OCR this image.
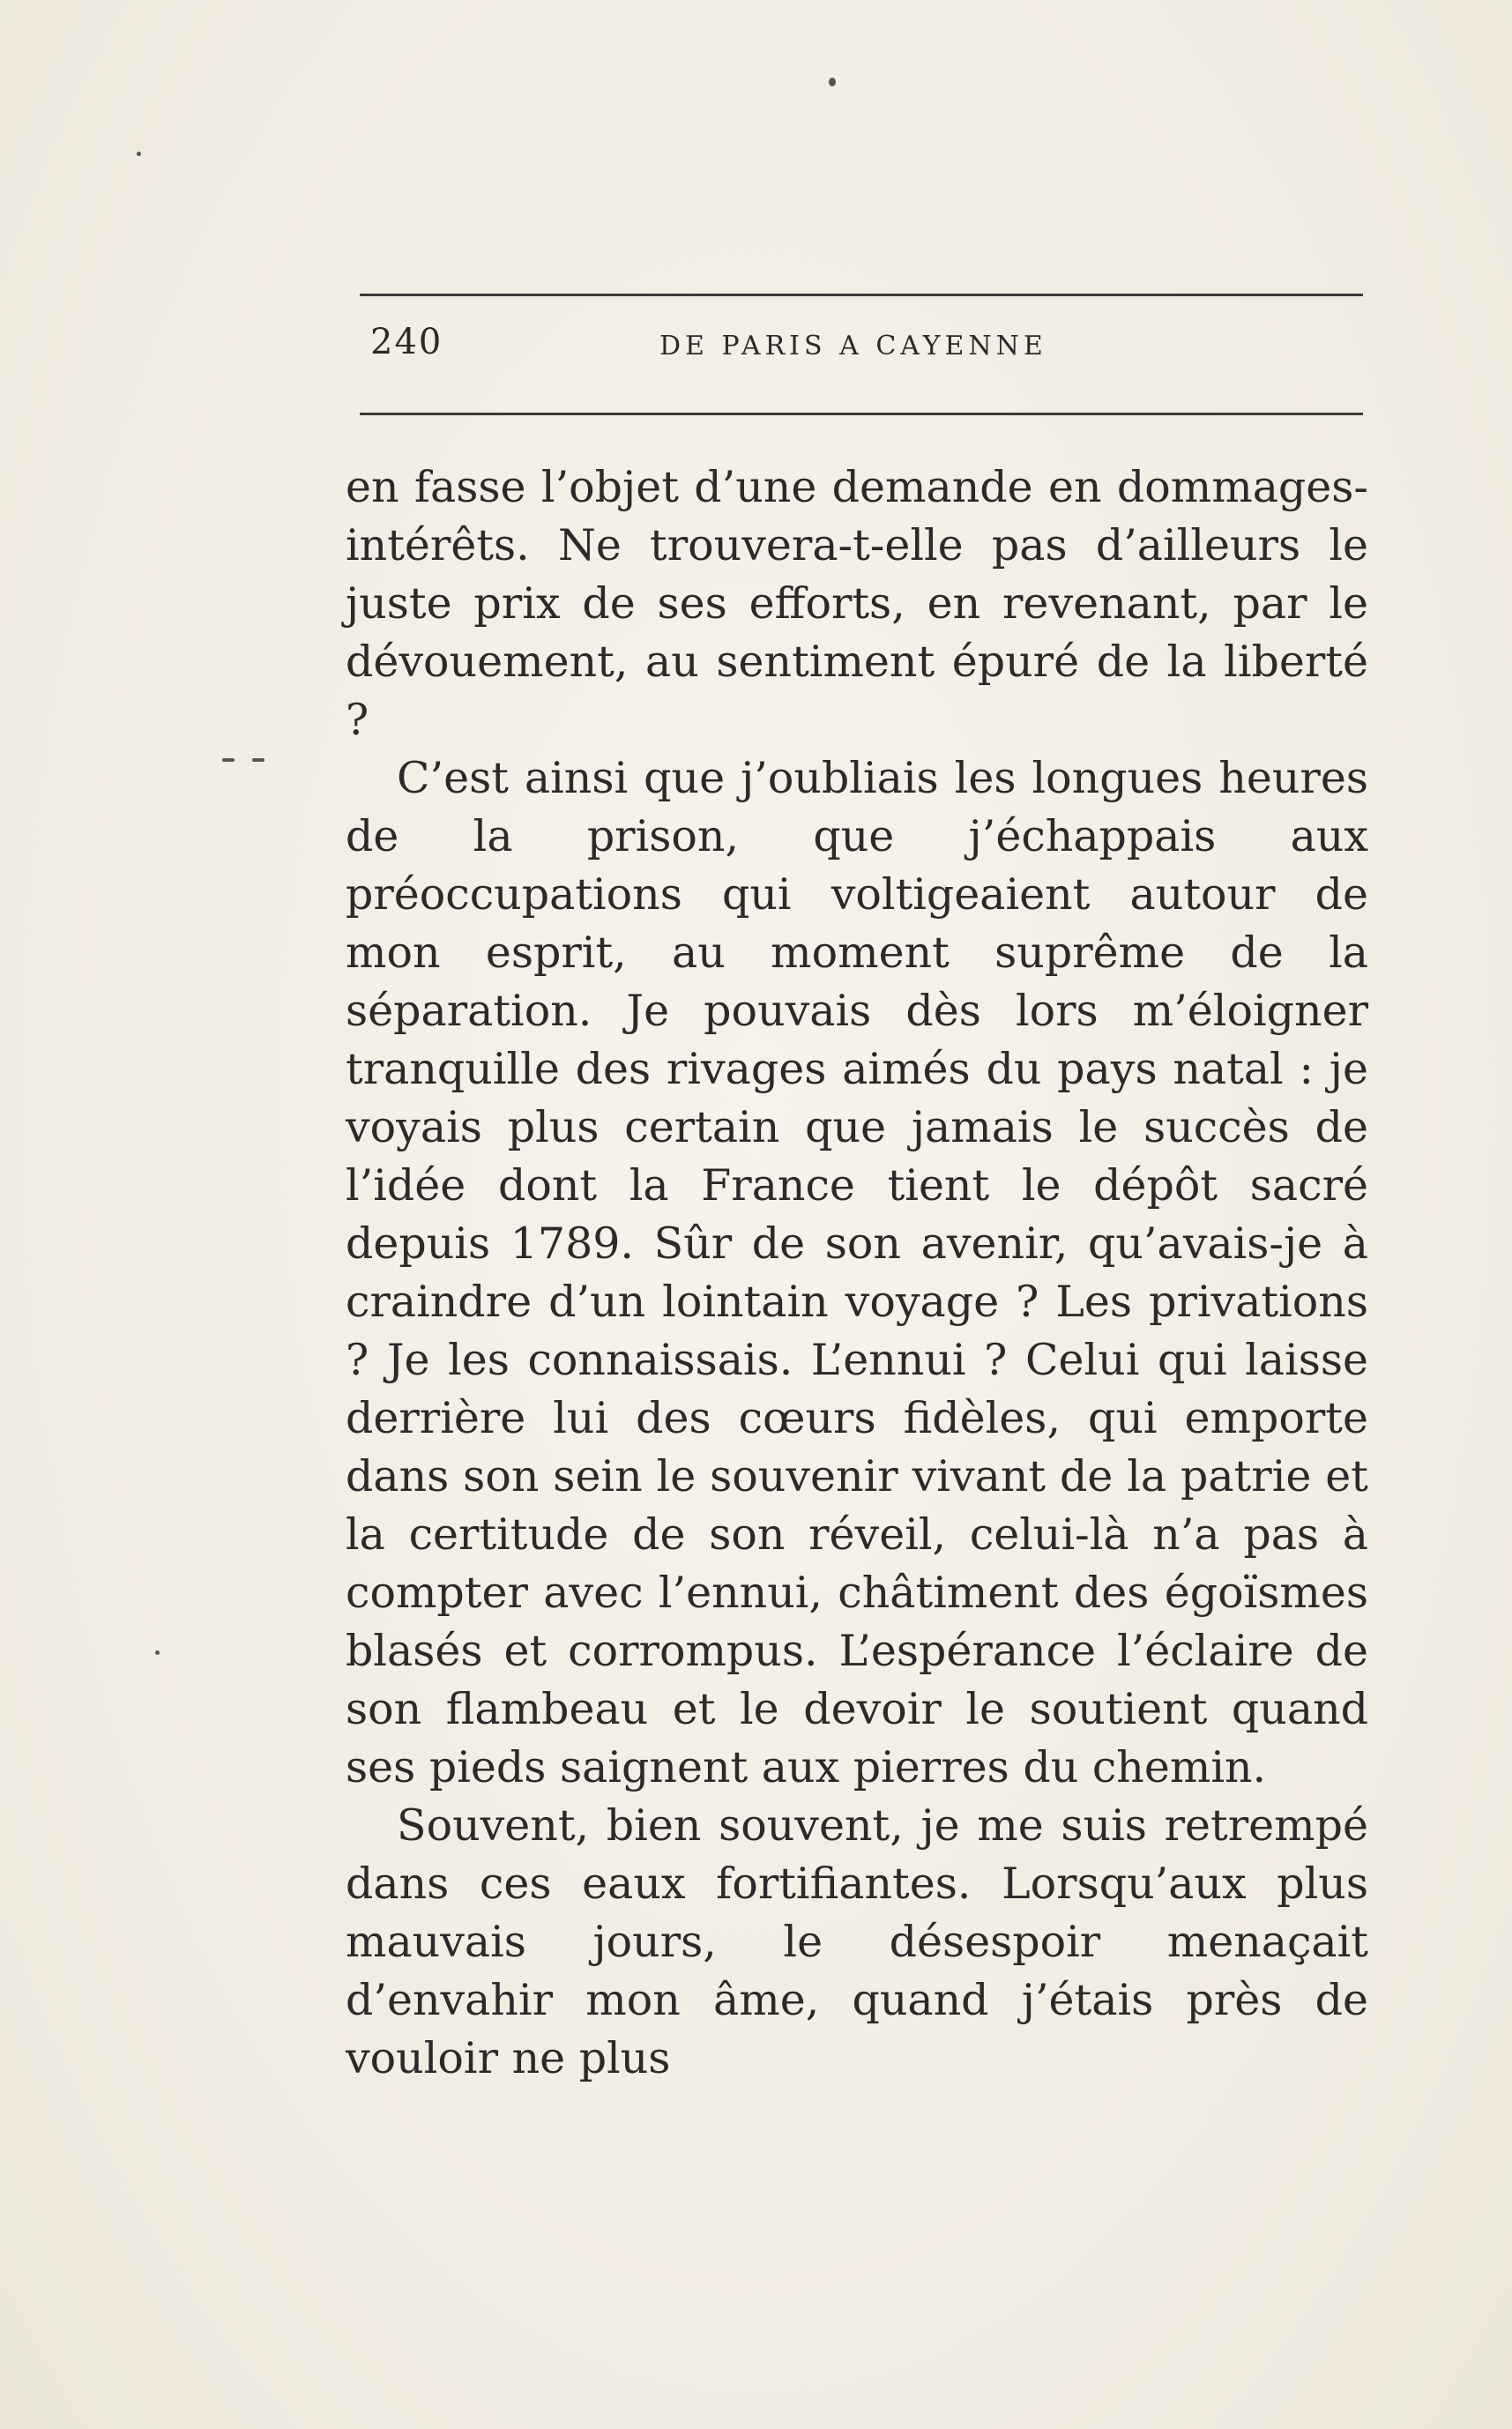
240	DE PARIS A CAYENNE

en fasse l’objet d’une demande en dommages-intérêts. Ne trouvera-t-elle pas d’ailleurs le juste prix de ses efforts, en revenant, par le dévouement, au sentiment épuré de la liberté ?

C’est ainsi que j’oubliais les longues heures de la prison, que j’échappais aux préoccupations qui voltigeaient autour de mon esprit, au moment suprême de la séparation. Je pouvais dès lors m’éloigner tranquille des rivages aimés du pays natal : je voyais plus certain que jamais le succès de l’idée dont la France tient le dépôt sacré depuis 1789. Sûr de son avenir, qu’avais-je à craindre d’un lointain voyage ? Les privations ? Je les connaissais. L’ennui ? Celui qui laisse derrière lui des cœurs fidèles, qui emporte dans son sein le souvenir vivant de la patrie et la certitude de son réveil, celui-là n’a pas à compter avec l’ennui, châtiment des égoïsmes blasés et corrompus. L’espérance l’éclaire de son flambeau et le devoir le soutient quand ses pieds saignent aux pierres du chemin.

Souvent, bien souvent, je me suis retrempé dans ces eaux fortifiantes. Lorsqu’aux plus mauvais jours, le désespoir menaçait d’envahir mon âme, quand j’étais près de vouloir ne plus
